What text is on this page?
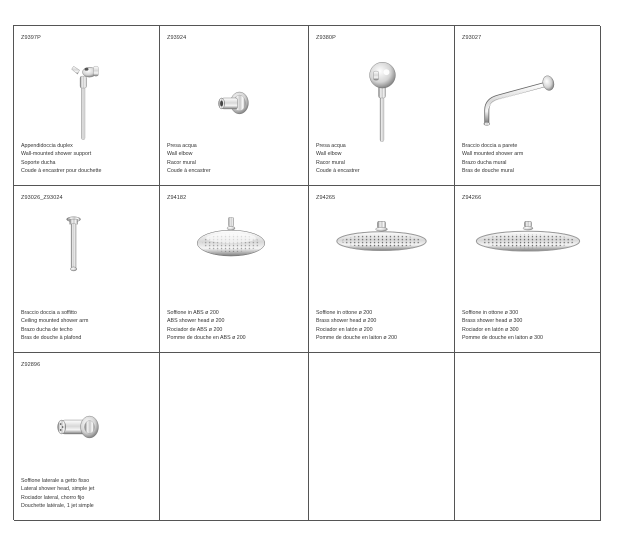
Z9397P
Appendidoccia duplex
Wall-mounted shower support
Soporte ducha
Coude à encastrer pour douchette
Z93924
Presa acqua
Wall elbow
Racor mural
Coude à encastrer
Z9380P
Presa acqua
Wall elbow
Racor mural
Coude à encastrer
Z93027
Braccio doccia a parete
Wall mounted shower arm
Brazo ducha mural
Bras de douche mural
Z93026_Z93024
Braccio doccia a soffitto
Ceiling mounted shower arm
Brazo ducha de techo
Bras de douche à plafond
Z94182
Soffione in ABS ø 200
ABS shower head ø 200
Rociador de ABS ø 200
Pomme de douche en ABS ø 200
Z94265
Soffione in ottone ø 200
Brass shower head ø 200
Rociador en latón ø 200
Pomme de douche en laiton ø 200
Z94266
Soffione in ottone ø 300
Brass shower head ø 300
Rociador en latón ø 300
Pomme de douche en laiton ø 300
Z92896
Soffione laterale a getto fisso
Lateral shower head, simple jet
Rociador lateral, chorro fijo
Douchette latérale, 1 jet simple
